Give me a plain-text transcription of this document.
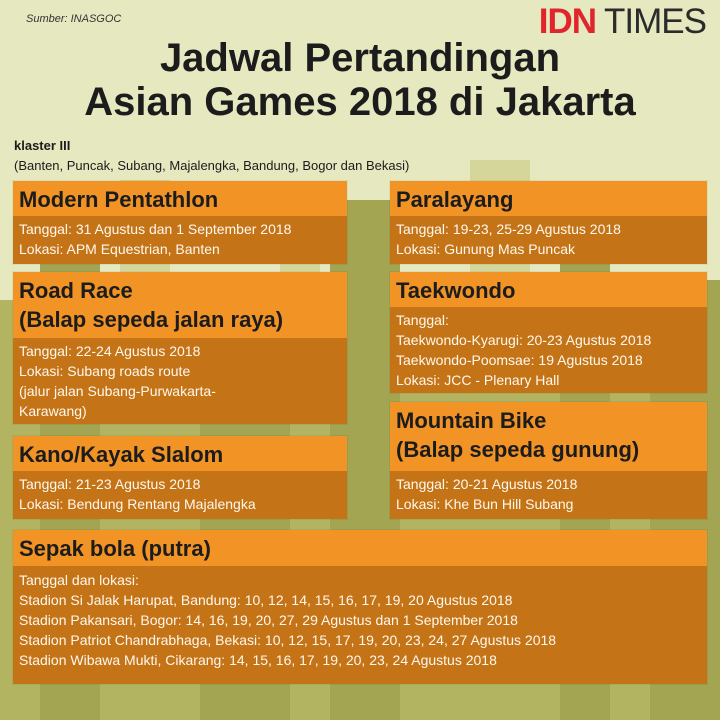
Sumber: INASGOC	IDN TIMES
Jadwal Pertandingan
Asian Games 2018 di Jakarta
klaster III
(Banten, Puncak, Subang, Majalengka, Bandung, Bogor dan Bekasi)
Modern Pentathlon
Tanggal: 31 Agustus dan 1 September 2018
Lokasi: APM Equestrian, Banten
Road Race
(Balap sepeda jalan raya)
Tanggal: 22-24 Agustus 2018
Lokasi: Subang roads route
(jalur jalan Subang-Purwakarta-
Karawang)
Kano/Kayak Slalom
Tanggal: 21-23 Agustus 2018
Lokasi: Bendung Rentang Majalengka
Paralayang
Tanggal: 19-23, 25-29 Agustus 2018
Lokasi: Gunung Mas Puncak
Taekwondo
Tanggal:
Taekwondo-Kyarugi: 20-23 Agustus 2018
Taekwondo-Poomsae: 19 Agustus 2018
Lokasi: JCC - Plenary Hall
Mountain Bike
(Balap sepeda gunung)
Tanggal: 20-21 Agustus 2018
Lokasi: Khe Bun Hill Subang
Sepak bola (putra)
Tanggal dan lokasi:
Stadion Si Jalak Harupat, Bandung: 10, 12, 14, 15, 16, 17, 19, 20 Agustus 2018
Stadion Pakansari, Bogor: 14, 16, 19, 20, 27, 29 Agustus dan 1 September 2018
Stadion Patriot Chandrabhaga, Bekasi: 10, 12, 15, 17, 19, 20, 23, 24, 27 Agustus 2018
Stadion Wibawa Mukti, Cikarang: 14, 15, 16, 17, 19, 20, 23, 24 Agustus 2018
